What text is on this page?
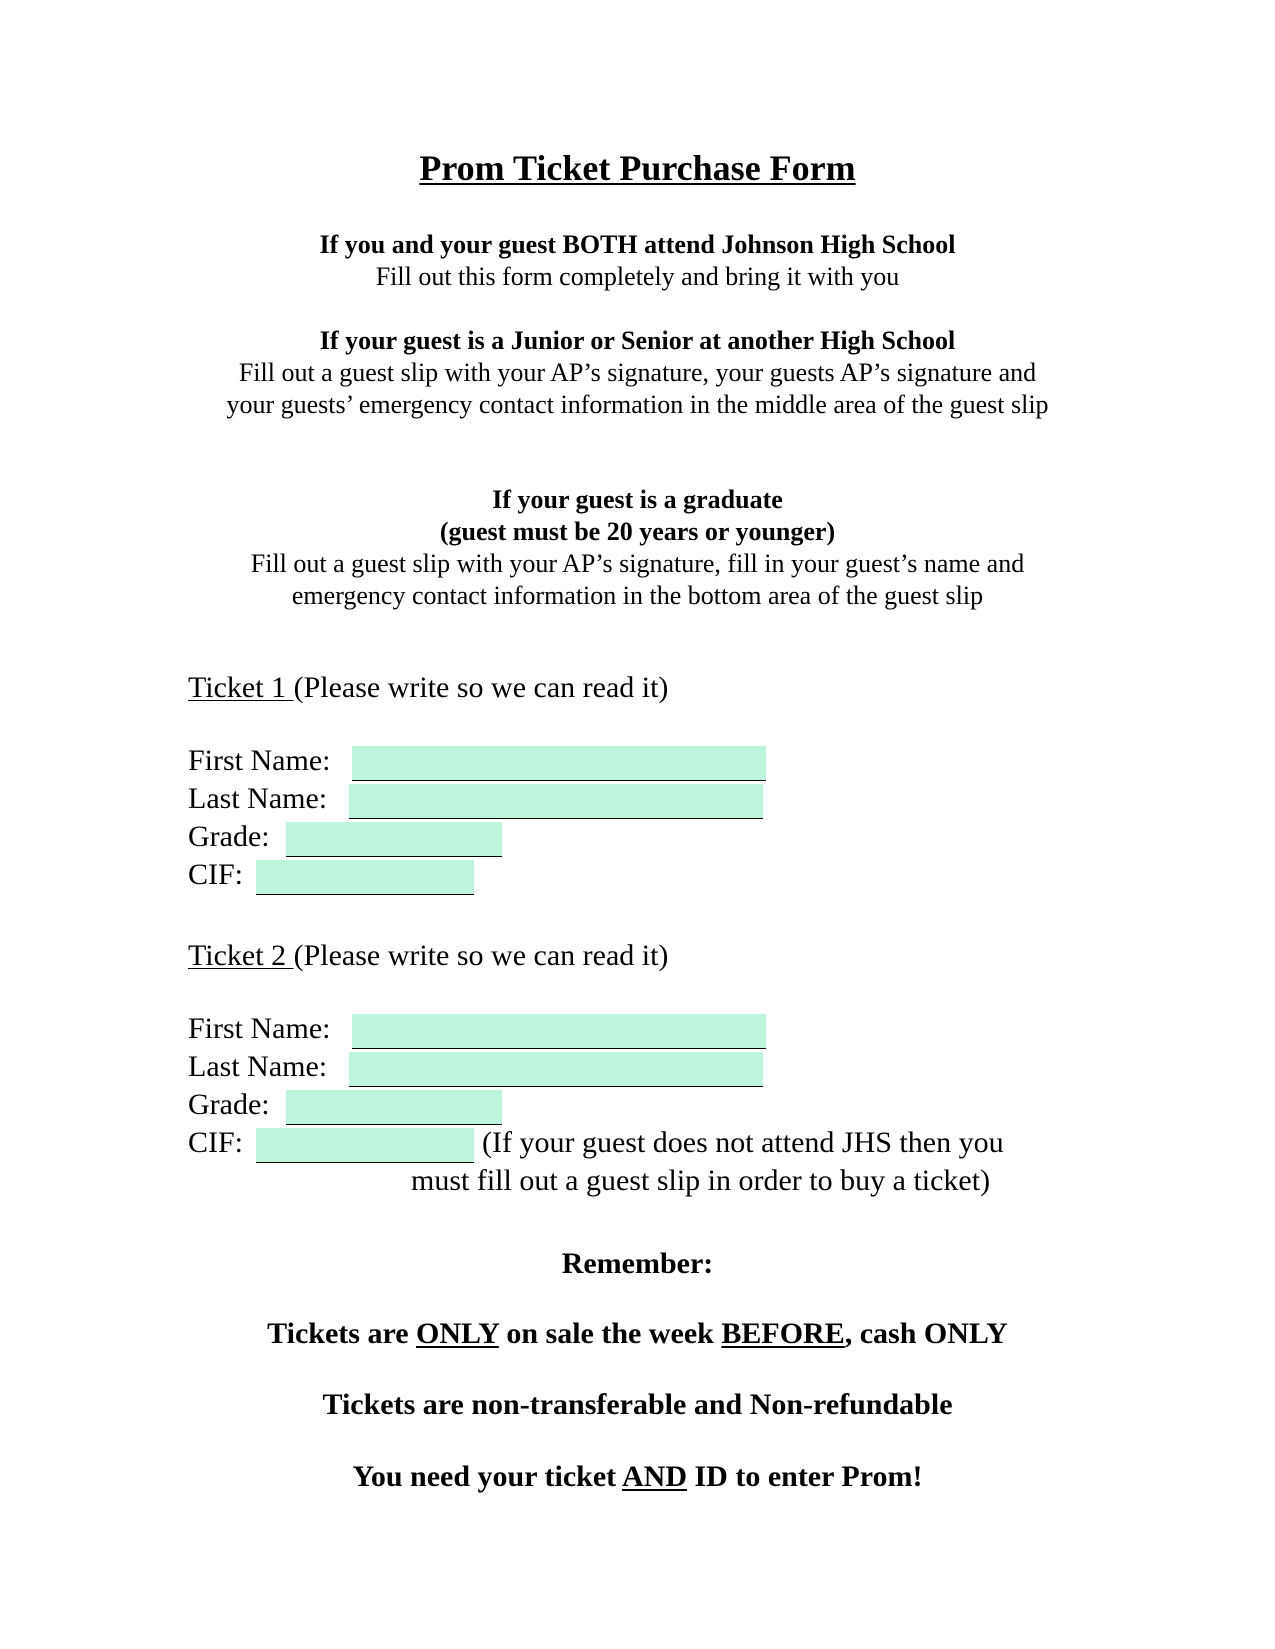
Prom Ticket Purchase Form
If you and your guest BOTH attend Johnson High School
Fill out this form completely and bring it with you
If your guest is a Junior or Senior at another High School
Fill out a guest slip with your AP’s signature, your guests AP’s signature and your guests’ emergency contact information in the middle area of the guest slip
If your guest is a graduate
(guest must be 20 years or younger)
Fill out a guest slip with your AP’s signature, fill in your guest’s name and emergency contact information in the bottom area of the guest slip
Ticket 1 (Please write so we can read it)
First Name:
Last Name:
Grade:
CIF:
Ticket 2 (Please write so we can read it)
First Name:
Last Name:
Grade:
CIF:	(If your guest does not attend JHS then you
must fill out a guest slip in order to buy a ticket)
Remember:
Tickets are ONLY on sale the week BEFORE, cash ONLY
Tickets are non-transferable and Non-refundable
You need your ticket AND ID to enter Prom!
